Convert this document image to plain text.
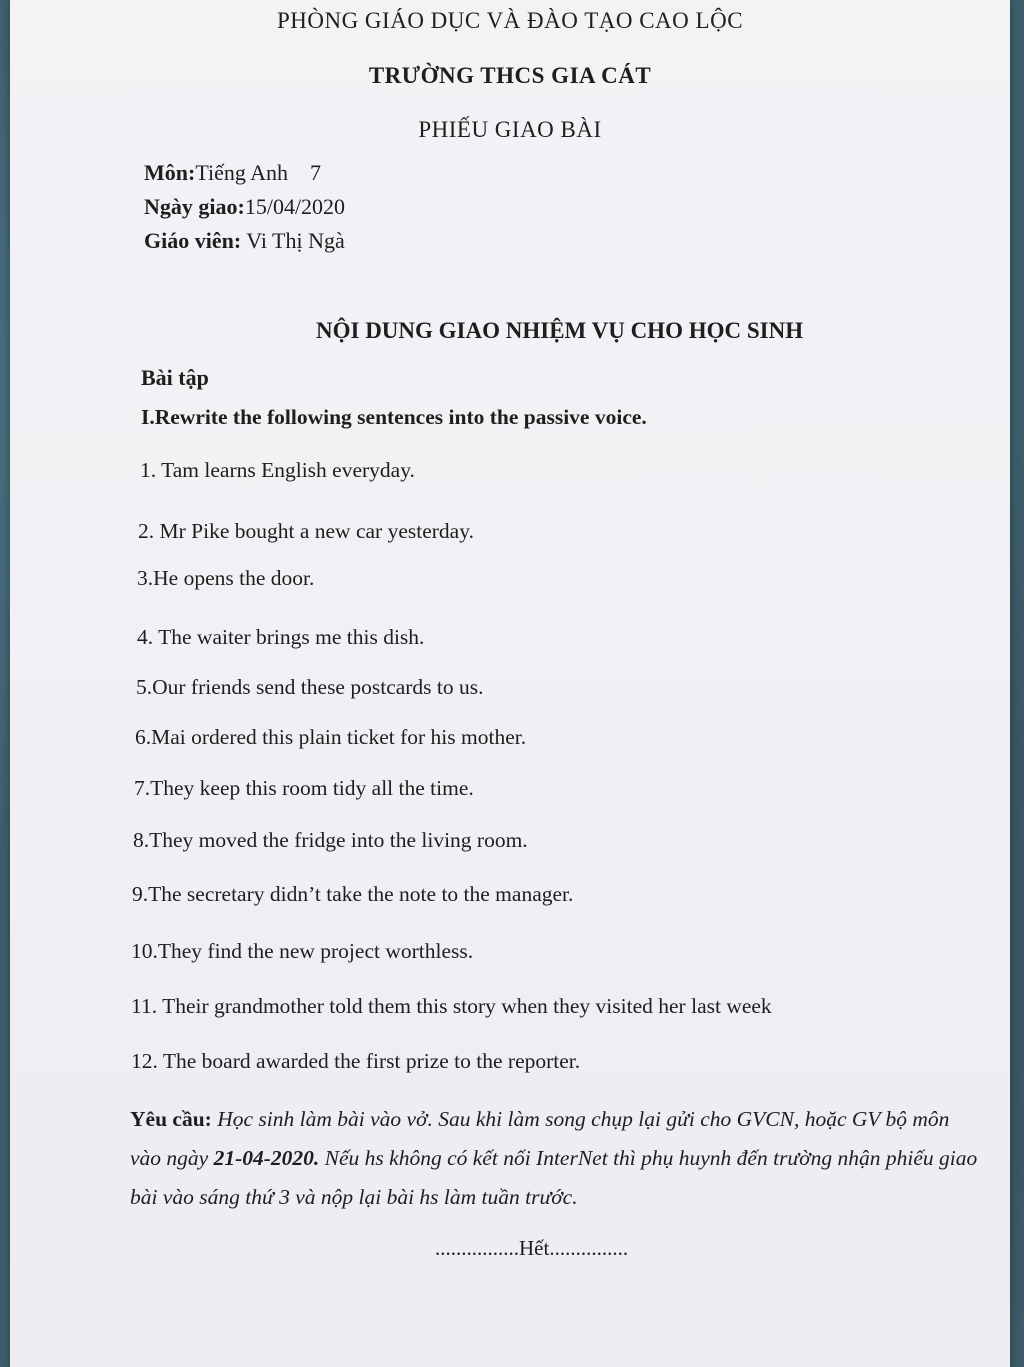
PHÒNG GIÁO DỤC VÀ ĐÀO TẠO CAO LỘC
TRƯỜNG THCS GIA CÁT
PHIẾU GIAO BÀI
Môn:Tiếng Anh    7
Ngày giao:15/04/2020
Giáo viên: Vi Thị Ngà
NỘI DUNG GIAO NHIỆM VỤ CHO HỌC SINH
Bài tập
I.Rewrite the following sentences into the passive voice.
1. Tam learns English everyday.
2. Mr Pike bought a new car yesterday.
3.He opens the door.
4. The waiter brings me this dish.
5.Our friends send these postcards to us.
6.Mai ordered this plain ticket for his mother.
7.They keep this room tidy all the time.
8.They moved the fridge into the living room.
9.The secretary didn’t take the note to the manager.
10.They find the new project worthless.
11. Their grandmother told them this story when they visited her last week
12. The board awarded the first prize to the reporter.
Yêu cầu: Học sinh làm bài vào vở. Sau khi làm song chụp lại gửi cho GVCN, hoặc GV bộ môn vào ngày 21-04-2020. Nếu hs không có kết nối InterNet thì phụ huynh đến trường nhận phiếu giao bài vào sáng thứ 3 và nộp lại bài hs làm tuần trước.
................Hết...............
